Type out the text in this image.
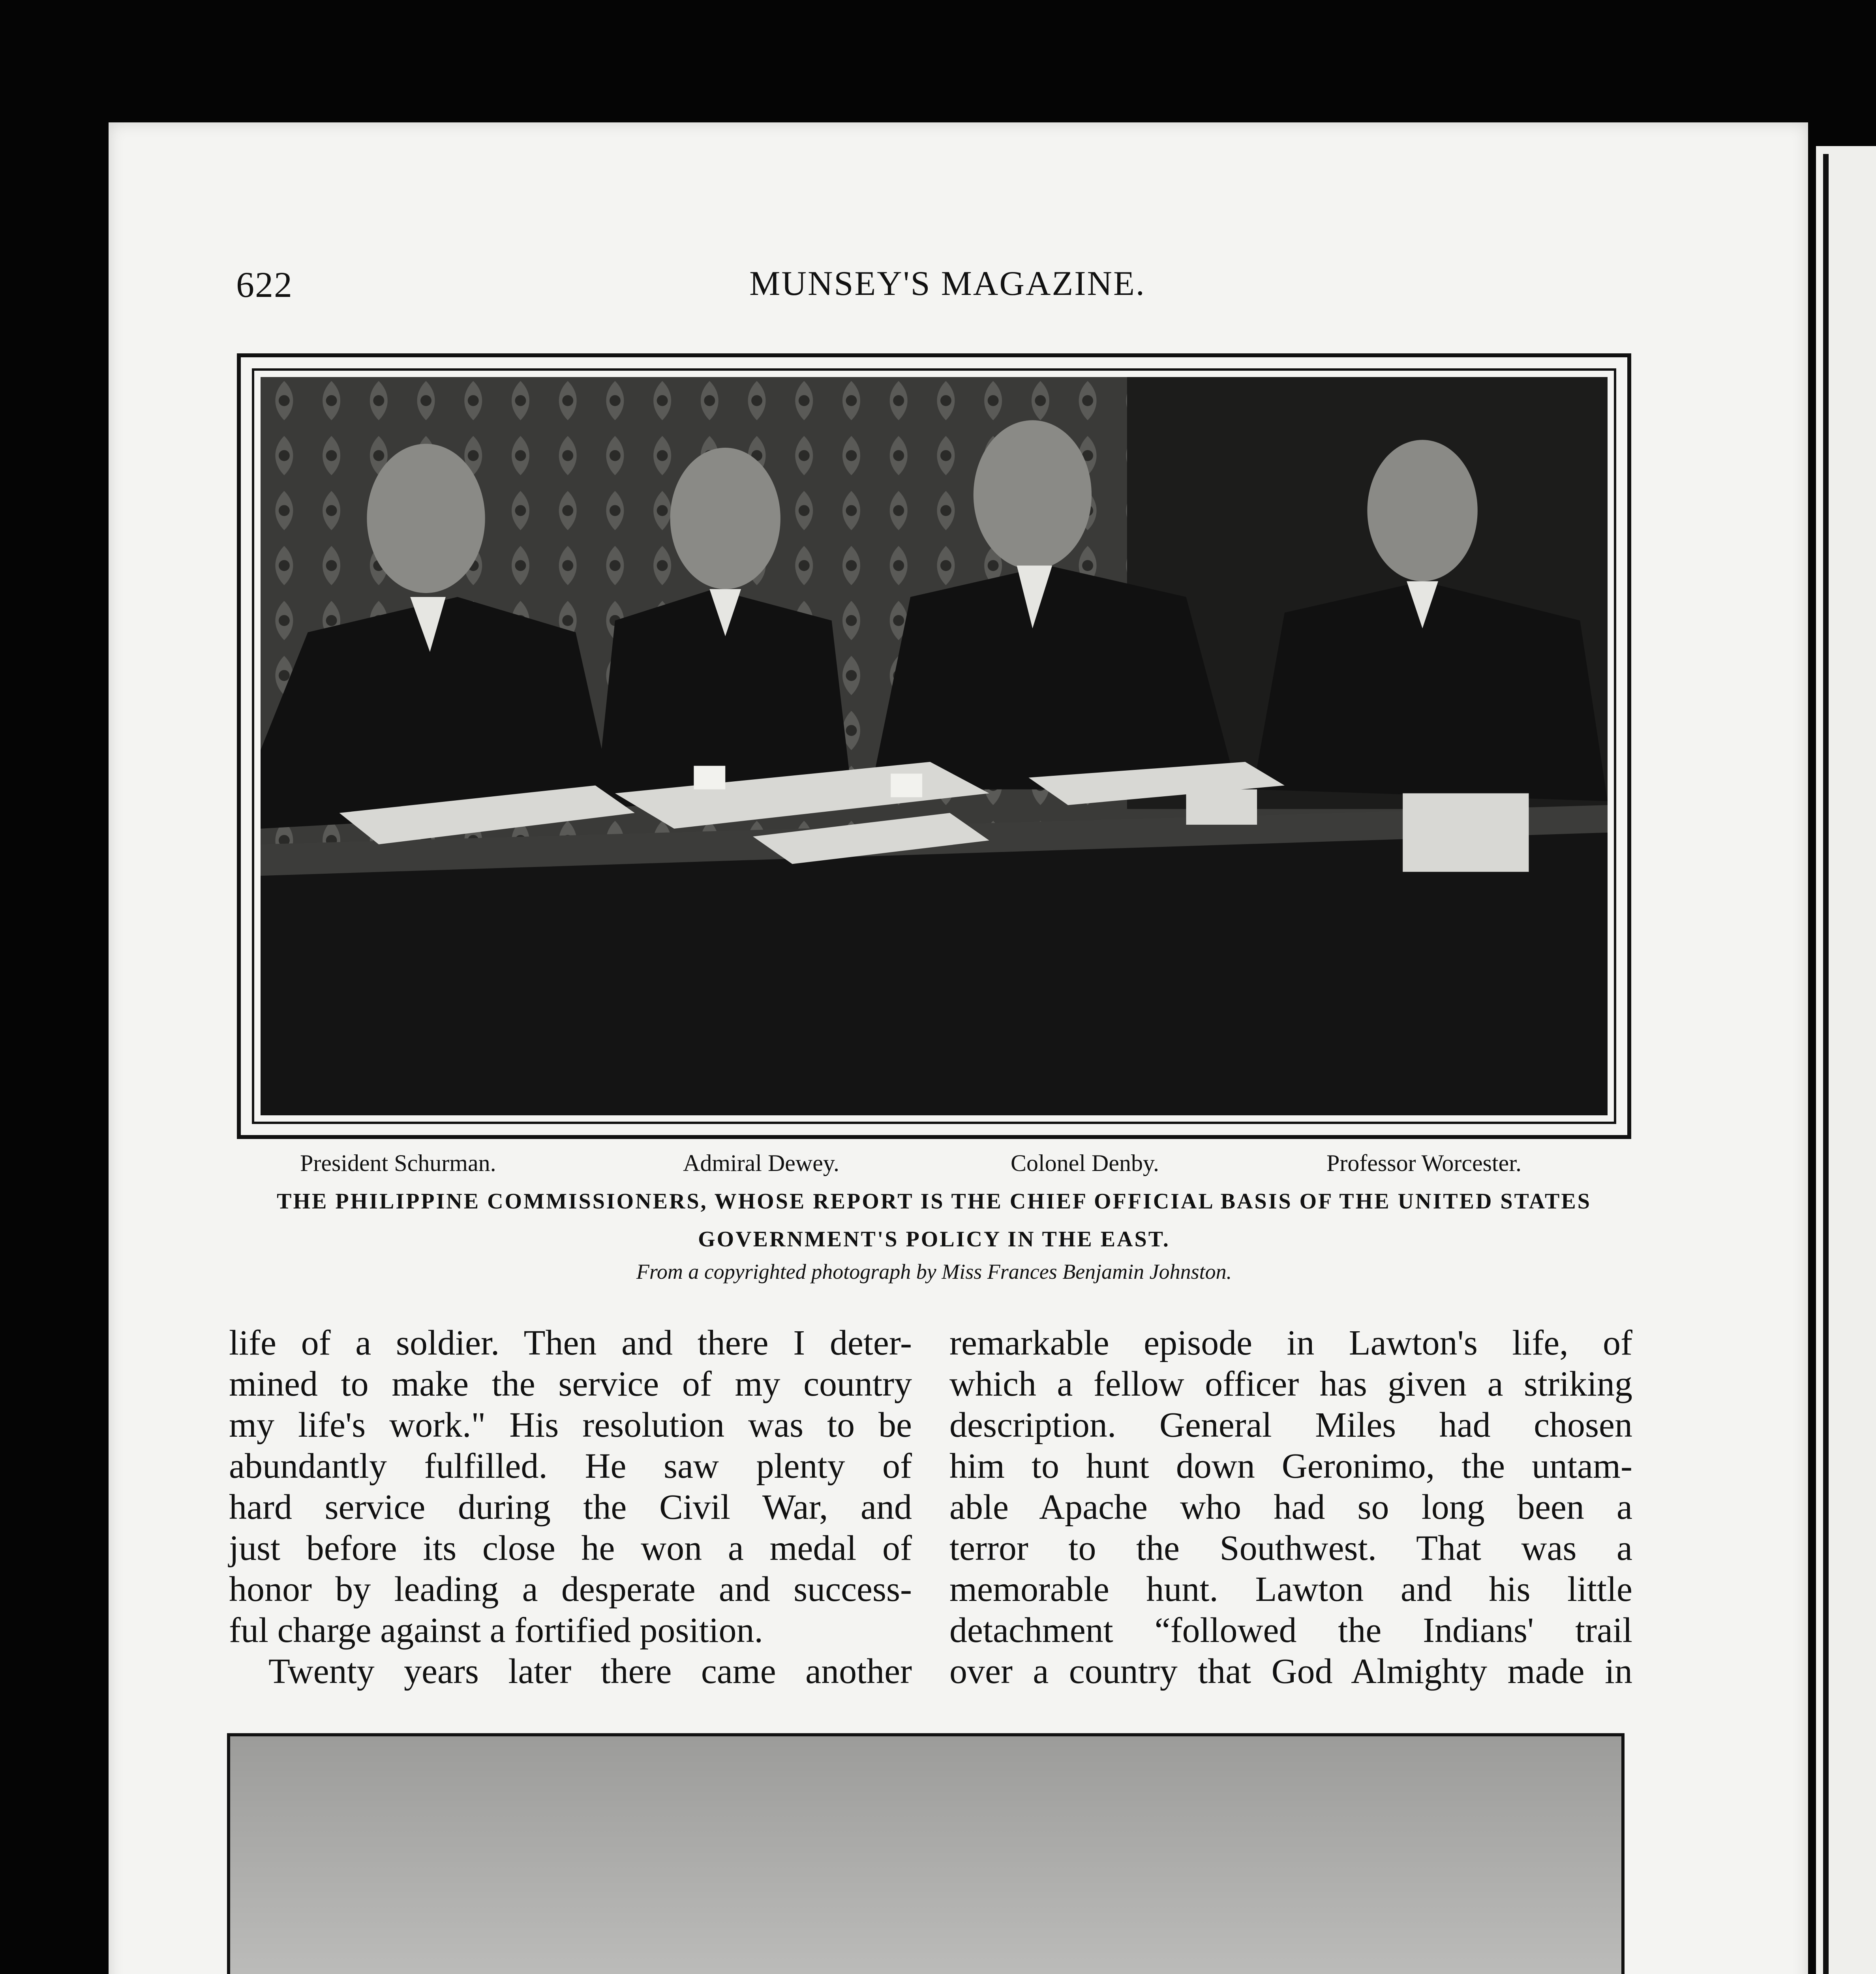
622	MUNSEY'S MAGAZINE.
President Schurman.	Admiral Dewey.	Colonel Denby.	Professor Worcester.
THE PHILIPPINE COMMISSIONERS, WHOSE REPORT IS THE CHIEF OFFICIAL BASIS OF THE UNITED STATES
GOVERNMENT'S POLICY IN THE EAST.
From a copyrighted photograph by Miss Frances Benjamin Johnston.
life of a soldier. Then and there I deter-
mined to make the service of my country
my life's work." His resolution was to be
abundantly fulfilled. He saw plenty of
hard service during the Civil War, and
just before its close he won a medal of
honor by leading a desperate and success-
ful charge against a fortified position.
Twenty years later there came another
remarkable episode in Lawton's life, of
which a fellow officer has given a striking
description. General Miles had chosen
him to hunt down Geronimo, the untam-
able Apache who had so long been a
terror to the Southwest. That was a
memorable hunt. Lawton and his little
detachment “followed the Indians' trail
over a country that God Almighty made in
